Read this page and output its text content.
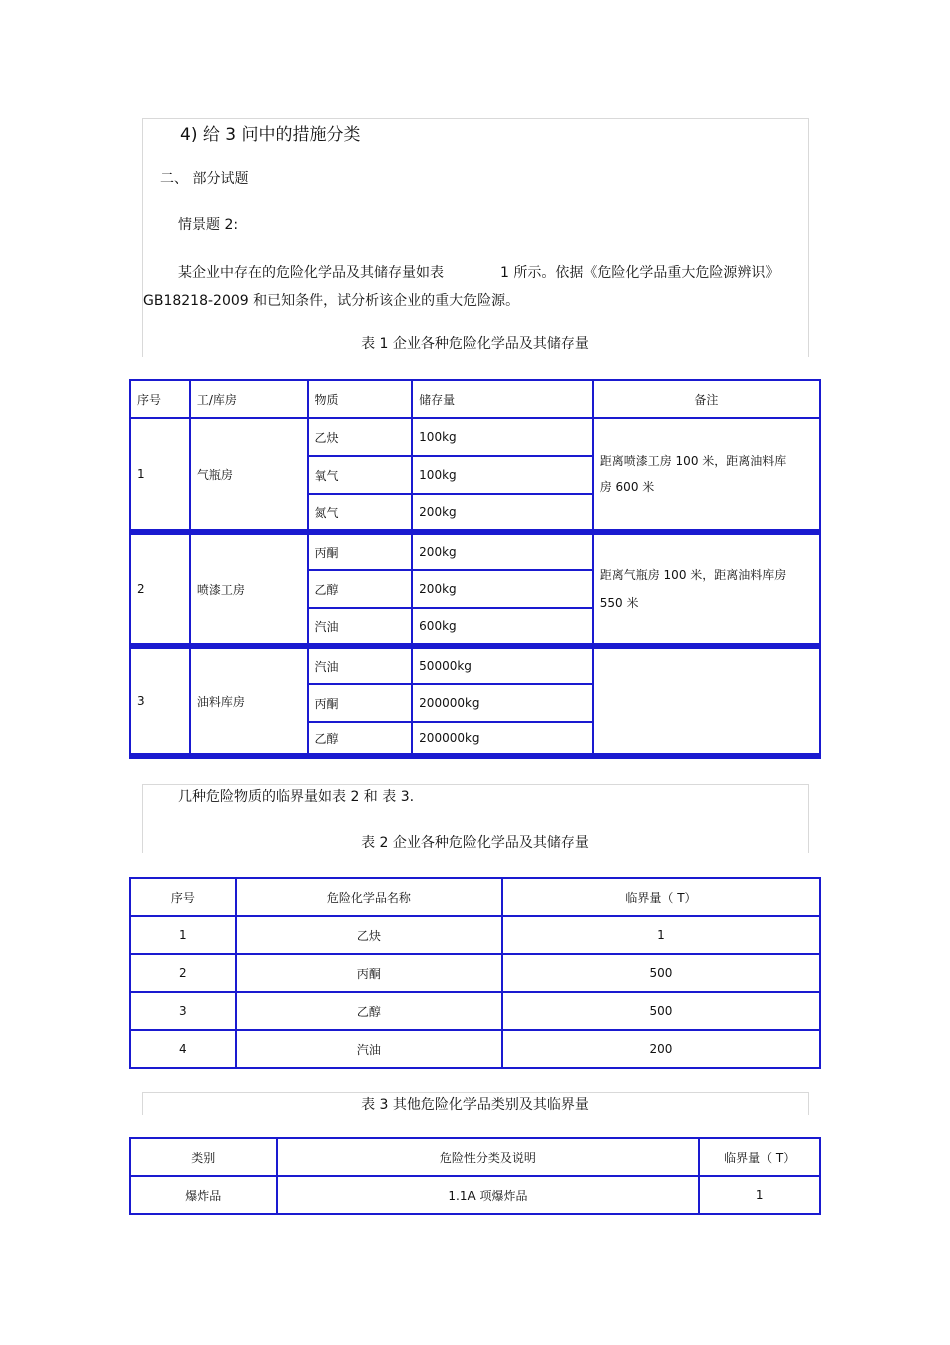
4) 给 3 问中的措施分类
二、 部分试题
情景题 2:
某企业中存在的危险化学品及其储存量如表	1 所示。依据《危险化学品重大危险源辨识》
GB18218-2009 和已知条件，试分析该企业的重大危险源。
表 1 企业各种危险化学品及其储存量
序号	工/库房	物质	储存量	备注
1	气瓶房	乙炔	100kg	距离喷漆工房 100 米，距离油料库
房 600 米
		氧气	100kg	
		氮气	200kg	
2	喷漆工房	丙酮	200kg	距离气瓶房 100 米，距离油料库房
550 米
		乙醇	200kg	
		汽油	600kg	
3	油料库房	汽油	50000kg	
		丙酮	200000kg	
		乙醇	200000kg	
几种危险物质的临界量如表 2 和 表 3.
表 2 企业各种危险化学品及其储存量
序号	危险化学品名称	临界量（ T）
1	乙炔	1
2	丙酮	500
3	乙醇	500
4	汽油	200
表 3 其他危险化学品类别及其临界量
类别	危险性分类及说明	临界量（ T）
爆炸品	1.1A 项爆炸品	1
